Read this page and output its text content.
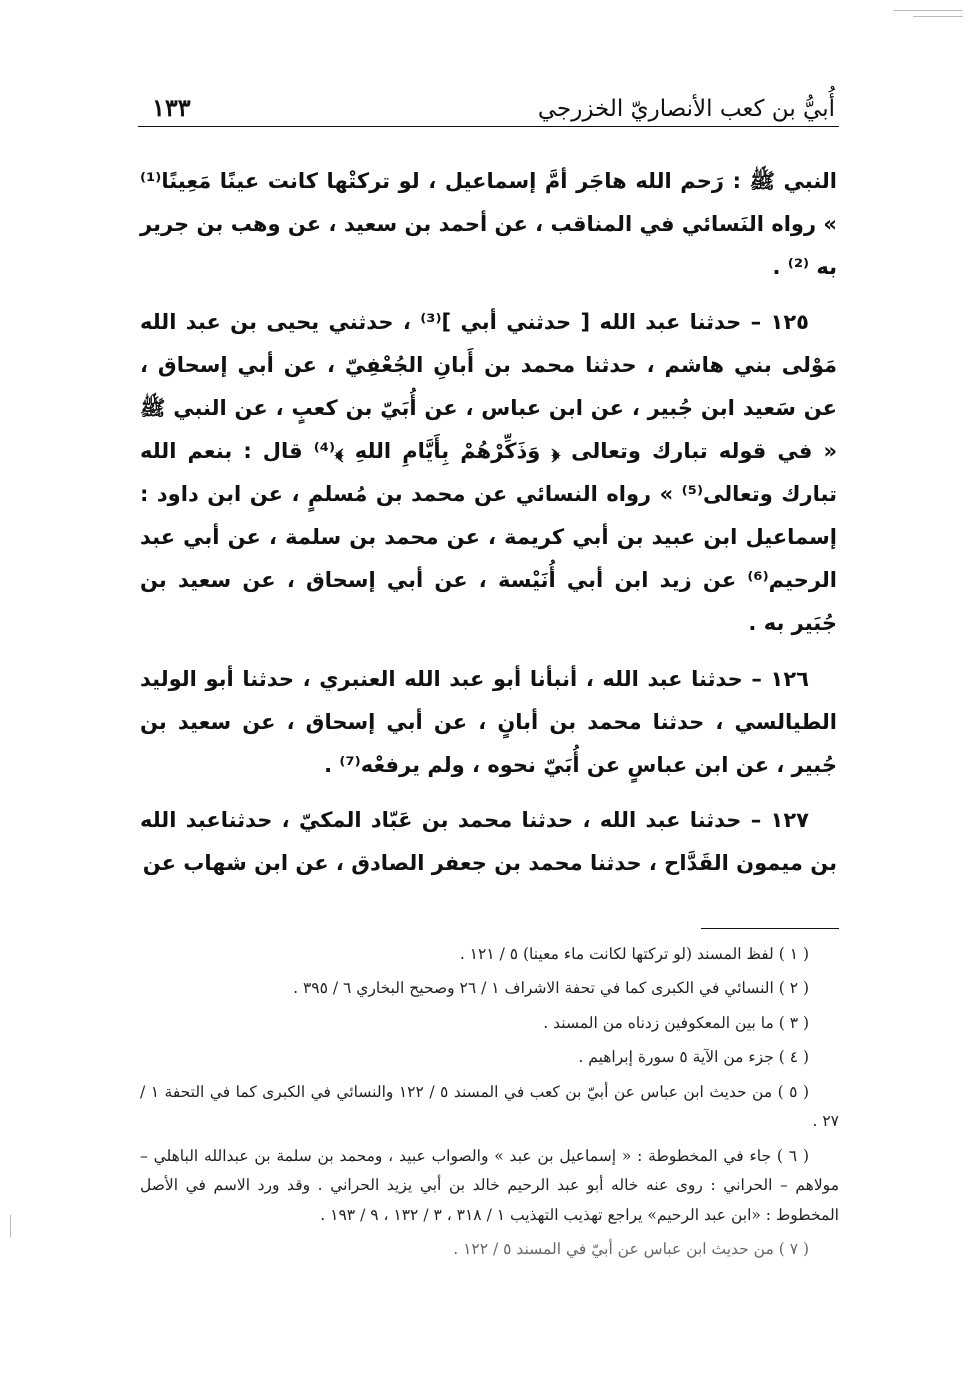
أُبيُّ بن كعب الأنصاريّ الخزرجي
١٣٣

النبي ﷺ : رَحم الله هاجَر أمَّ إسماعيل ، لو تركتْها كانت عينًا مَعِينًا⁽¹⁾ » رواه النَسائي في المناقب ، عن أحمد بن سعيد ، عن وهب بن جرير به ⁽²⁾ .

١٢٥ – حدثنا عبد الله [ حدثني أبي ]⁽³⁾ ، حدثني يحيى بن عبد الله مَوْلى بني هاشم ، حدثنا محمد بن أَبانِ الجُعْفِيّ ، عن أبي إسحاق ، عن سَعيد ابن جُبير ، عن ابن عباس ، عن أُبَيّ بن كعبٍ ، عن النبي ﷺ « في قوله تبارك وتعالى ﴿ وَذَكِّرْهُمْ بِأَيَّامِ اللهِ ﴾⁽⁴⁾ قال : بنعم الله تبارك وتعالى⁽⁵⁾ » رواه النسائي عن محمد بن مُسلمٍ ، عن ابن داود : إسماعيل ابن عبيد بن أبي كريمة ، عن محمد بن سلمة ، عن أبي عبد الرحيم⁽⁶⁾ عن زيد ابن أبي أُنَيْسة ، عن أبي إسحاق ، عن سعيد بن جُبَير به .

١٢٦ – حدثنا عبد الله ، أنبأنا أبو عبد الله العنبري ، حدثنا أبو الوليد الطيالسي ، حدثنا محمد بن أبانٍ ، عن أبي إسحاق ، عن سعيد بن جُبير ، عن ابن عباسٍ عن أُبَيّ نحوه ، ولم يرفعْه⁽⁷⁾ .

١٢٧ – حدثنا عبد الله ، حدثنا محمد بن عَبّاد المكيّ ، حدثناعبد الله بن ميمون القَدَّاح ، حدثنا محمد بن جعفر الصادق ، عن ابن شهاب عن

( ١ ) لفظ المسند (لو تركتها لكانت ماء معينا) ٥ / ١٢١ .

( ٢ ) النسائي في الكبرى كما في تحفة الاشراف ١ / ٢٦ وصحيح البخاري ٦ / ٣٩٥ .

( ٣ ) ما بين المعكوفين زدناه من المسند .

( ٤ ) جزء من الآية ٥ سورة إبراهيم .

( ٥ ) من حديث ابن عباس عن أبيّ بن كعب في المسند ٥ / ١٢٢ والنسائي في الكبرى كما في التحفة ١ / ٢٧ .

( ٦ ) جاء في المخطوطة : « إسماعيل بن عبد » والصواب عبيد ، ومحمد بن سلمة بن عبدالله الباهلي – مولاهم – الحراني : روى عنه خاله أبو عبد الرحيم خالد بن أبي يزيد الحراني . وقد ورد الاسم في الأصل المخطوط : «ابن عبد الرحيم» يراجع تهذيب التهذيب ١ / ٣١٨ ، ٣ / ١٣٢ ، ٩ / ١٩٣ .

( ٧ ) من حديث ابن عباس عن أبيّ في المسند ٥ / ١٢٢ .
